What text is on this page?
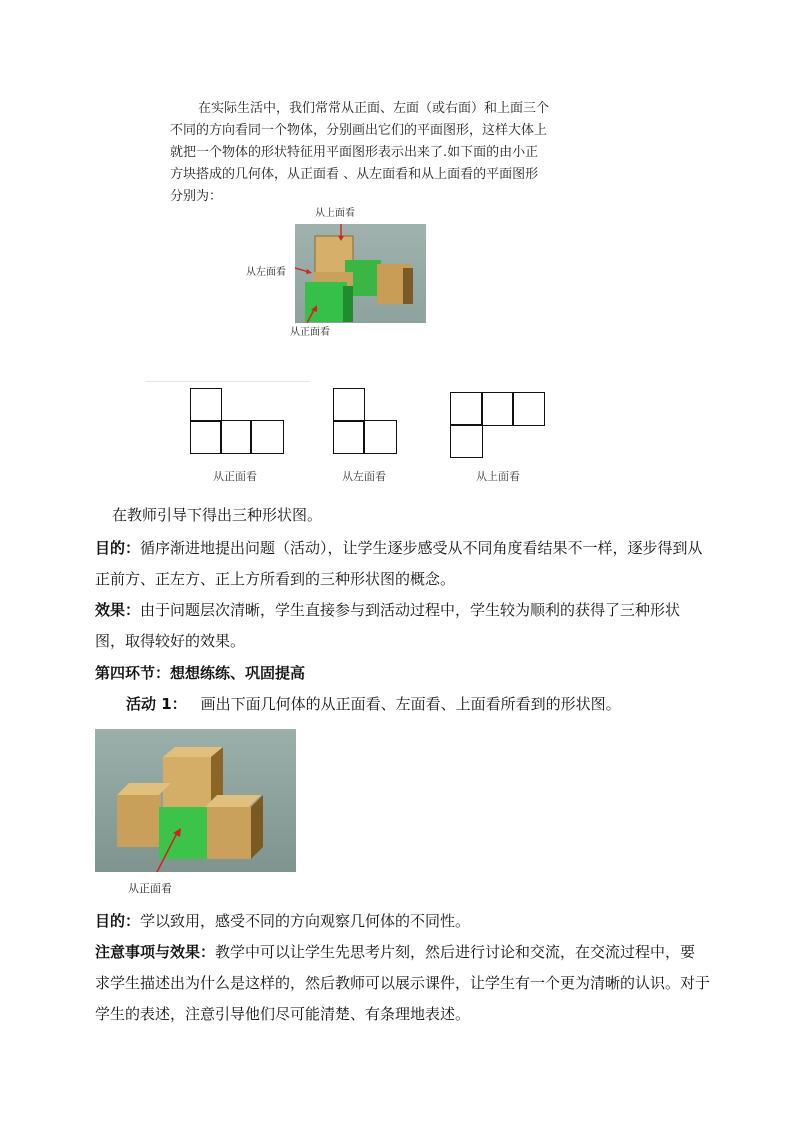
在实际生活中，我们常常从正面、左面（或右面）和上面三个不同的方向看同一个物体，分别画出它们的平面图形，这样大体上就把一个物体的形状特征用平面图形表示出来了.如下面的由小正方块搭成的几何体，从正面看 、从左面看和从上面看的平面图形分别为：
从上面看
从左面看
从正面看
从正面看	从左面看	从上面看
在教师引导下得出三种形状图。
目的：循序渐进地提出问题（活动），让学生逐步感受从不同角度看结果不一样，逐步得到从正前方、正左方、正上方所看到的三种形状图的概念。
效果：由于问题层次清晰，学生直接参与到活动过程中，学生较为顺利的获得了三种形状图，取得较好的效果。
第四环节：想想练练、巩固提高
活动 1： 画出下面几何体的从正面看、左面看、上面看所看到的形状图。
从正面看
目的：学以致用，感受不同的方向观察几何体的不同性。
注意事项与效果：教学中可以让学生先思考片刻，然后进行讨论和交流，在交流过程中，要求学生描述出为什么是这样的，然后教师可以展示课件，让学生有一个更为清晰的认识。对于学生的表述，注意引导他们尽可能清楚、有条理地表述。
